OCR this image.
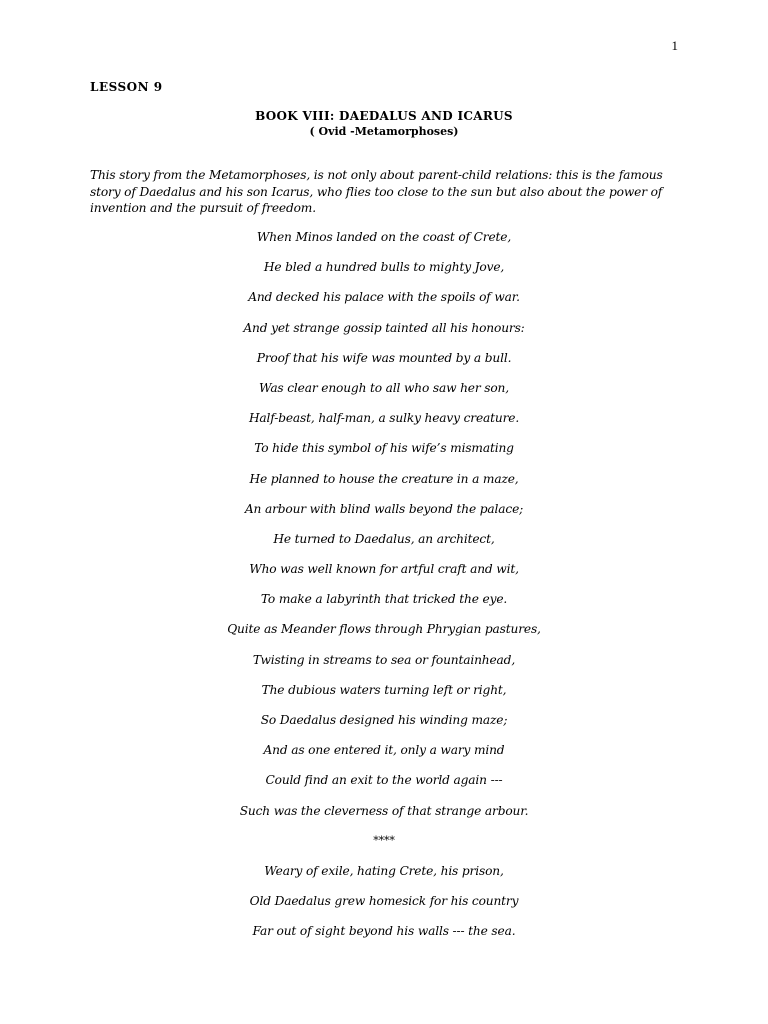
1
LESSON 9
BOOK VIII: DAEDALUS AND ICARUS
( Ovid -Metamorphoses)
This story from the Metamorphoses, is not only about parent-child relations: this is the famous story of Daedalus and his son Icarus, who flies too close to the sun but also about the power of invention and the pursuit of freedom.
When Minos landed on the coast of Crete,
He bled a hundred bulls to mighty Jove,
And decked his palace with the spoils of war.
And yet strange gossip tainted all his honours:
Proof that his wife was mounted by a bull.
Was clear enough to all who saw her son,
Half-beast, half-man, a sulky heavy creature.
To hide this symbol of his wife’s mismating
He planned to house the creature in a maze,
An arbour with blind walls beyond the palace;
He turned to Daedalus, an architect,
Who was well known for artful craft and wit,
To make a labyrinth that tricked the eye.
Quite as Meander flows through Phrygian pastures,
Twisting in streams to sea or fountainhead,
The dubious waters turning left or right,
So Daedalus designed his winding maze;
And as one entered it, only a wary mind
Could find an exit to the world again ---
Such was the cleverness of that strange arbour.
****
Weary of exile, hating Crete, his prison,
Old Daedalus grew homesick for his country
Far out of sight beyond his walls --- the sea.
